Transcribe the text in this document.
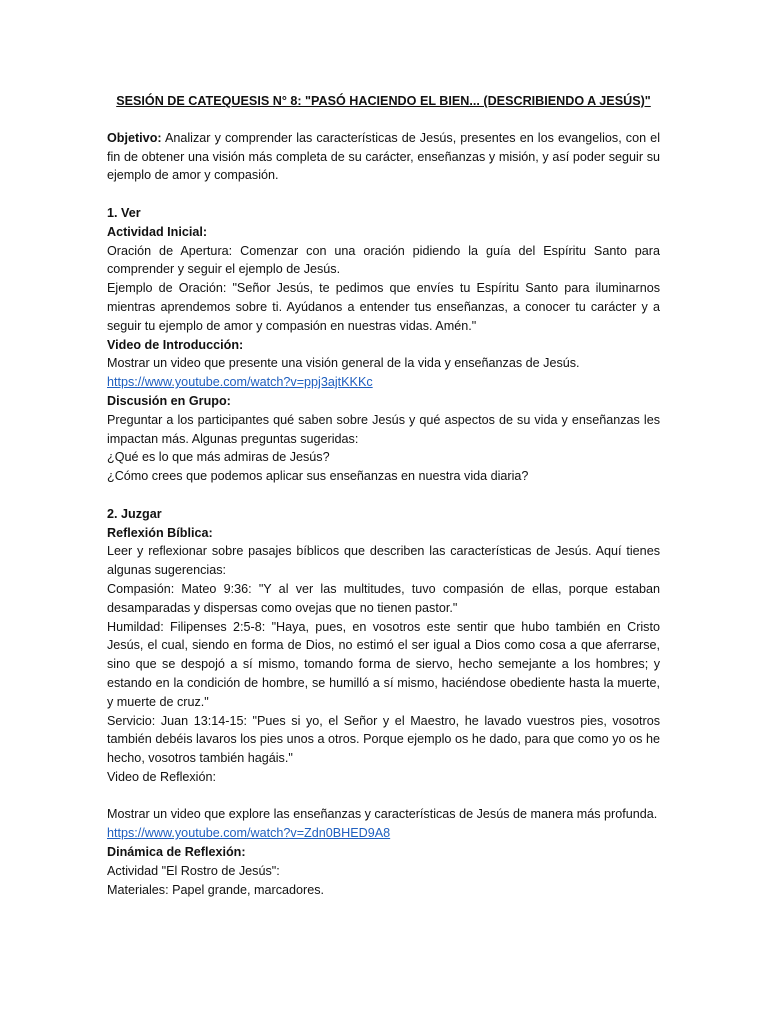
SESIÓN DE CATEQUESIS N° 8: "PASÓ HACIENDO EL BIEN... (DESCRIBIENDO A JESÚS)"

Objetivo: Analizar y comprender las características de Jesús, presentes en los evangelios, con el fin de obtener una visión más completa de su carácter, enseñanzas y misión, y así poder seguir su ejemplo de amor y compasión.

1. Ver

Actividad Inicial:

Oración de Apertura: Comenzar con una oración pidiendo la guía del Espíritu Santo para comprender y seguir el ejemplo de Jesús.

Ejemplo de Oración: "Señor Jesús, te pedimos que envíes tu Espíritu Santo para iluminarnos mientras aprendemos sobre ti. Ayúdanos a entender tus enseñanzas, a conocer tu carácter y a seguir tu ejemplo de amor y compasión en nuestras vidas. Amén."

Video de Introducción:

Mostrar un video que presente una visión general de la vida y enseñanzas de Jesús.

https://www.youtube.com/watch?v=ppj3ajtKKKc

Discusión en Grupo:

Preguntar a los participantes qué saben sobre Jesús y qué aspectos de su vida y enseñanzas les impactan más. Algunas preguntas sugeridas:

¿Qué es lo que más admiras de Jesús?

¿Cómo crees que podemos aplicar sus enseñanzas en nuestra vida diaria?

2. Juzgar

Reflexión Bíblica:

Leer y reflexionar sobre pasajes bíblicos que describen las características de Jesús. Aquí tienes algunas sugerencias:

Compasión: Mateo 9:36: "Y al ver las multitudes, tuvo compasión de ellas, porque estaban desamparadas y dispersas como ovejas que no tienen pastor."

Humildad: Filipenses 2:5-8: "Haya, pues, en vosotros este sentir que hubo también en Cristo Jesús, el cual, siendo en forma de Dios, no estimó el ser igual a Dios como cosa a que aferrarse, sino que se despojó a sí mismo, tomando forma de siervo, hecho semejante a los hombres; y estando en la condición de hombre, se humilló a sí mismo, haciéndose obediente hasta la muerte, y muerte de cruz."

Servicio: Juan 13:14-15: "Pues si yo, el Señor y el Maestro, he lavado vuestros pies, vosotros también debéis lavaros los pies unos a otros. Porque ejemplo os he dado, para que como yo os he hecho, vosotros también hagáis."

Video de Reflexión:

Mostrar un video que explore las enseñanzas y características de Jesús de manera más profunda.

https://www.youtube.com/watch?v=Zdn0BHED9A8

Dinámica de Reflexión:

Actividad "El Rostro de Jesús":

Materiales: Papel grande, marcadores.
